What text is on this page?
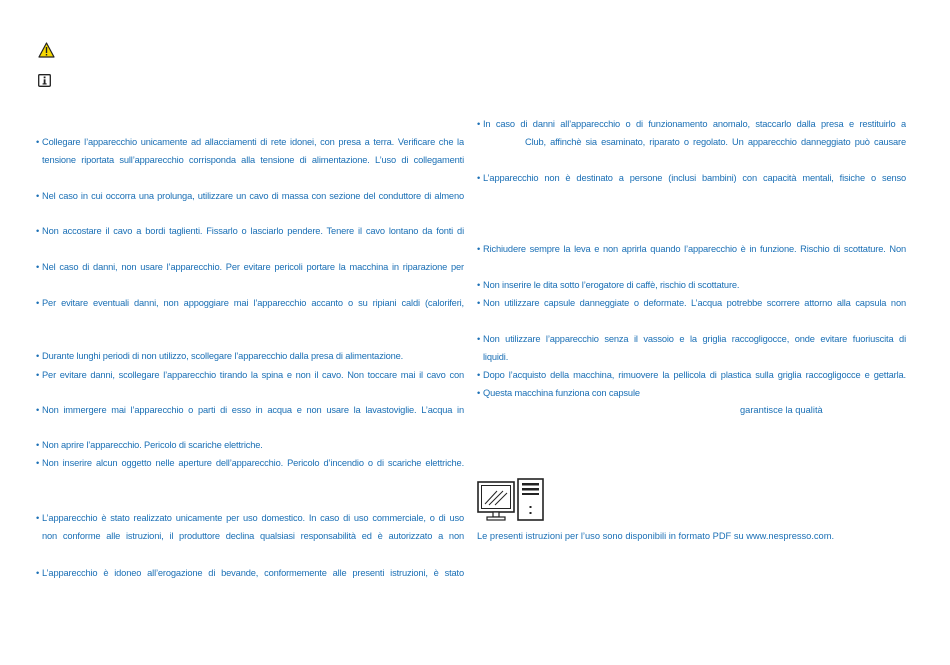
• Collegare l’apparecchio unicamente ad allacciamenti di rete idonei, con presa a terra. Verificare che la
tensione riportata sull’apparecchio corrisponda alla tensione di alimentazione. L’uso di collegamenti
• Nel caso in cui occorra una prolunga, utilizzare un cavo di massa con sezione del conduttore di almeno
• Non accostare il cavo a bordi taglienti. Fissarlo o lasciarlo pendere. Tenere il cavo lontano da fonti di
• Nel caso di danni, non usare l’apparecchio. Per evitare pericoli portare la macchina in riparazione per
• Per evitare eventuali danni, non appoggiare mai l’apparecchio accanto o su ripiani caldi (caloriferi,
• Durante lunghi periodi di non utilizzo, scollegare l’apparecchio dalla presa di alimentazione.
• Per evitare danni, scollegare l’apparecchio tirando la spina e non il cavo. Non toccare mai il cavo con
• Non immergere mai l’apparecchio o parti di esso in acqua e non usare la lavastoviglie. L’acqua in
• Non aprire l’apparecchio. Pericolo di scariche elettriche.
• Non inserire alcun oggetto nelle aperture dell’apparecchio. Pericolo d’incendio o di scariche elettriche.
• L’apparecchio è stato realizzato unicamente per uso domestico. In caso di uso commerciale, o di uso
non conforme alle istruzioni, il produttore declina qualsiasi responsabilità ed è autorizzato a non
• L’apparecchio è idoneo all’erogazione di bevande, conformemente alle presenti istruzioni, è stato
• In caso di danni all’apparecchio o di funzionamento anomalo, staccarlo dalla presa e restituirlo a
Club, affinchè sia esaminato, riparato o regolato. Un apparecchio danneggiato può causare
• L’apparecchio non è destinato a persone (inclusi bambini) con capacità mentali, fisiche o senso
• Richiudere sempre la leva e non aprirla quando l’apparecchio è in funzione. Rischio di scottature. Non
• Non inserire le dita sotto l’erogatore di caffè, rischio di scottature.
• Non utilizzare capsule danneggiate o deformate. L’acqua potrebbe scorrere attorno alla capsula non
• Non utilizzare l’apparecchio senza il vassoio e la griglia raccogligocce, onde evitare fuoriuscita di
liquidi.
• Dopo l’acquisto della macchina, rimuovere la pellicola di plastica sulla griglia raccogligocce e gettarla.
• Questa macchina funziona con capsule
garantisce la qualità
Le presenti istruzioni per l’uso sono disponibili in formato PDF su www.nespresso.com.
